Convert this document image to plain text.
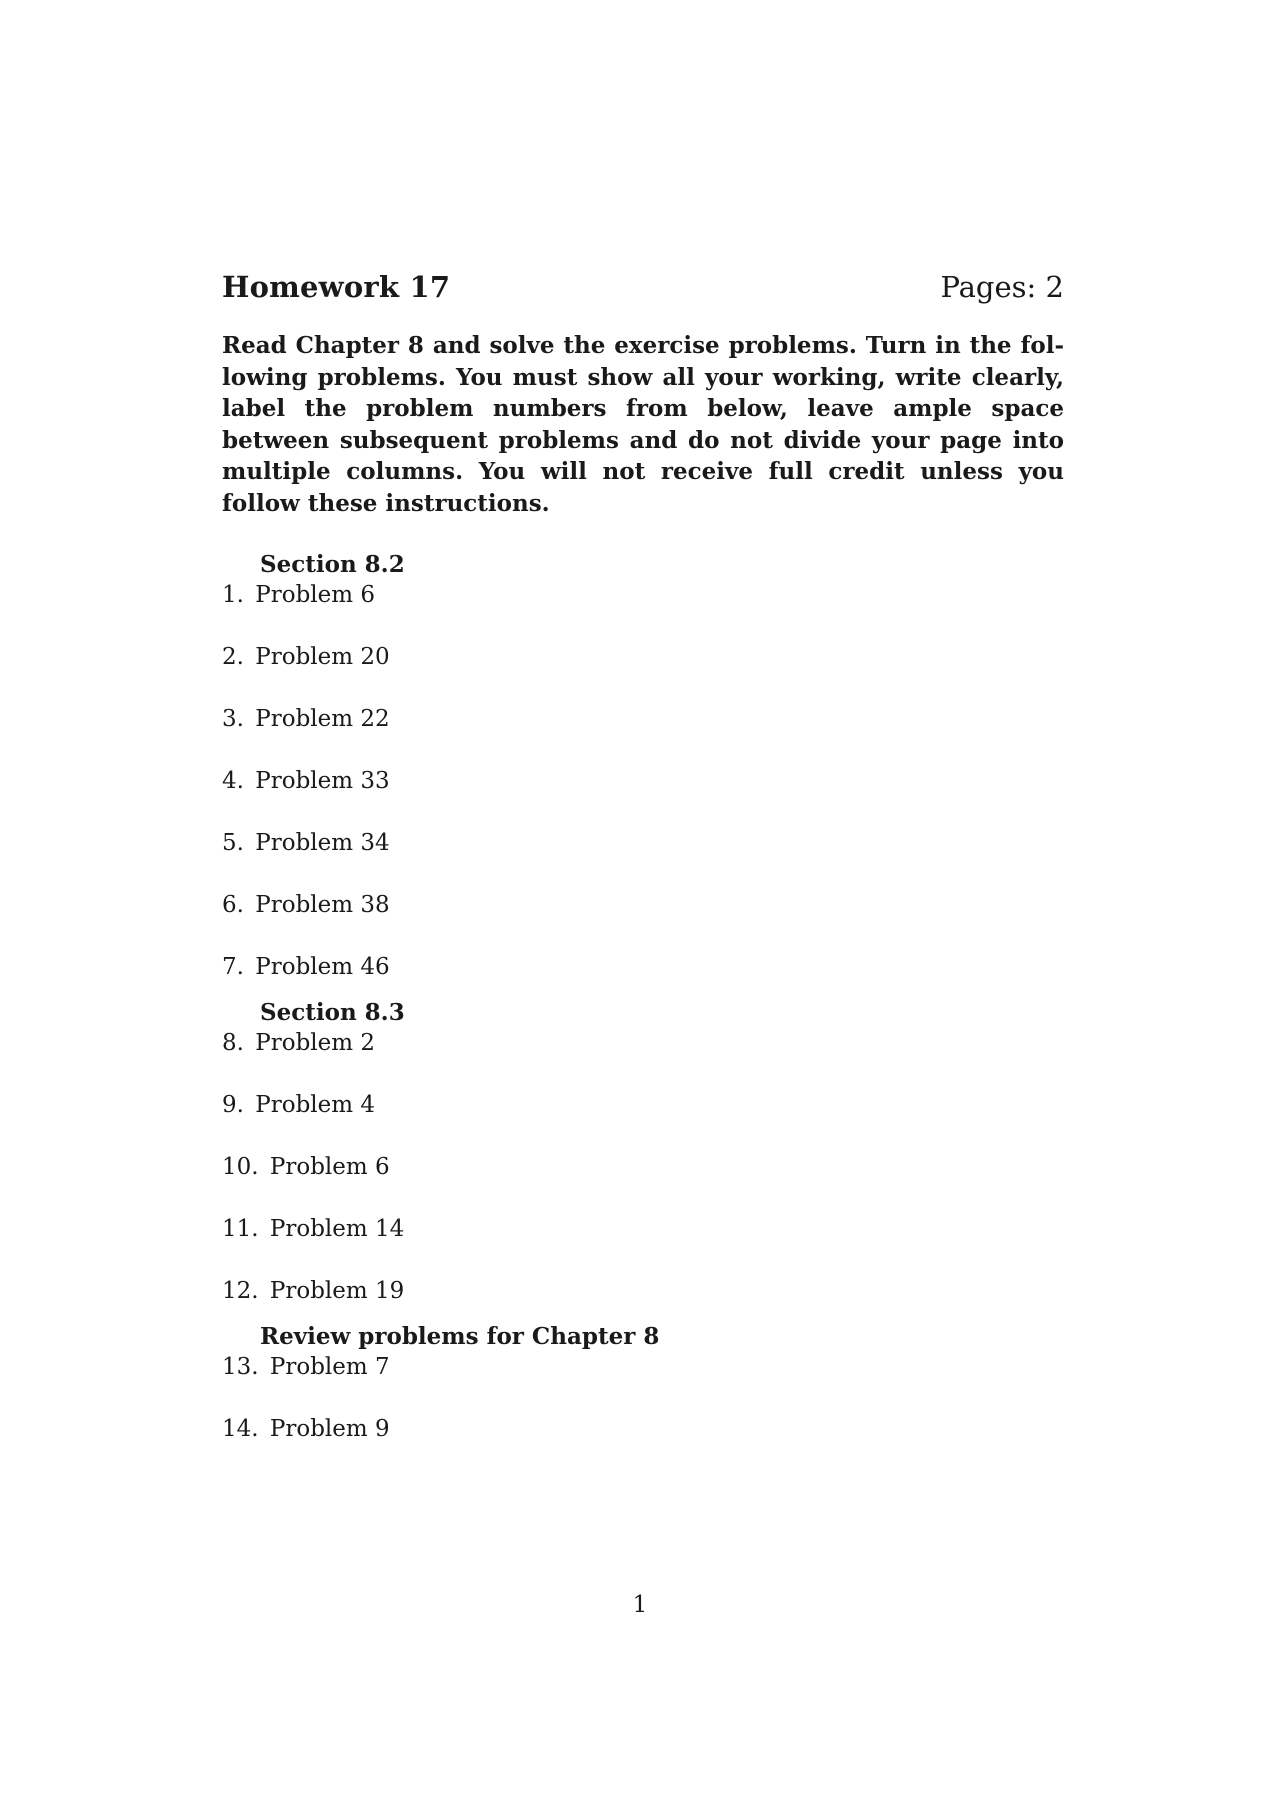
Homework 17	Pages: 2

Read Chapter 8 and solve the exercise problems. Turn in the following problems. You must show all your working, write clearly, label the problem numbers from below, leave ample space between subsequent problems and do not divide your page into multiple columns. You will not receive full credit unless you follow these instructions.

Section 8.2
1. Problem 6
2. Problem 20
3. Problem 22
4. Problem 33
5. Problem 34
6. Problem 38
7. Problem 46
Section 8.3
8. Problem 2
9. Problem 4
10. Problem 6
11. Problem 14
12. Problem 19
Review problems for Chapter 8
13. Problem 7
14. Problem 9
1
